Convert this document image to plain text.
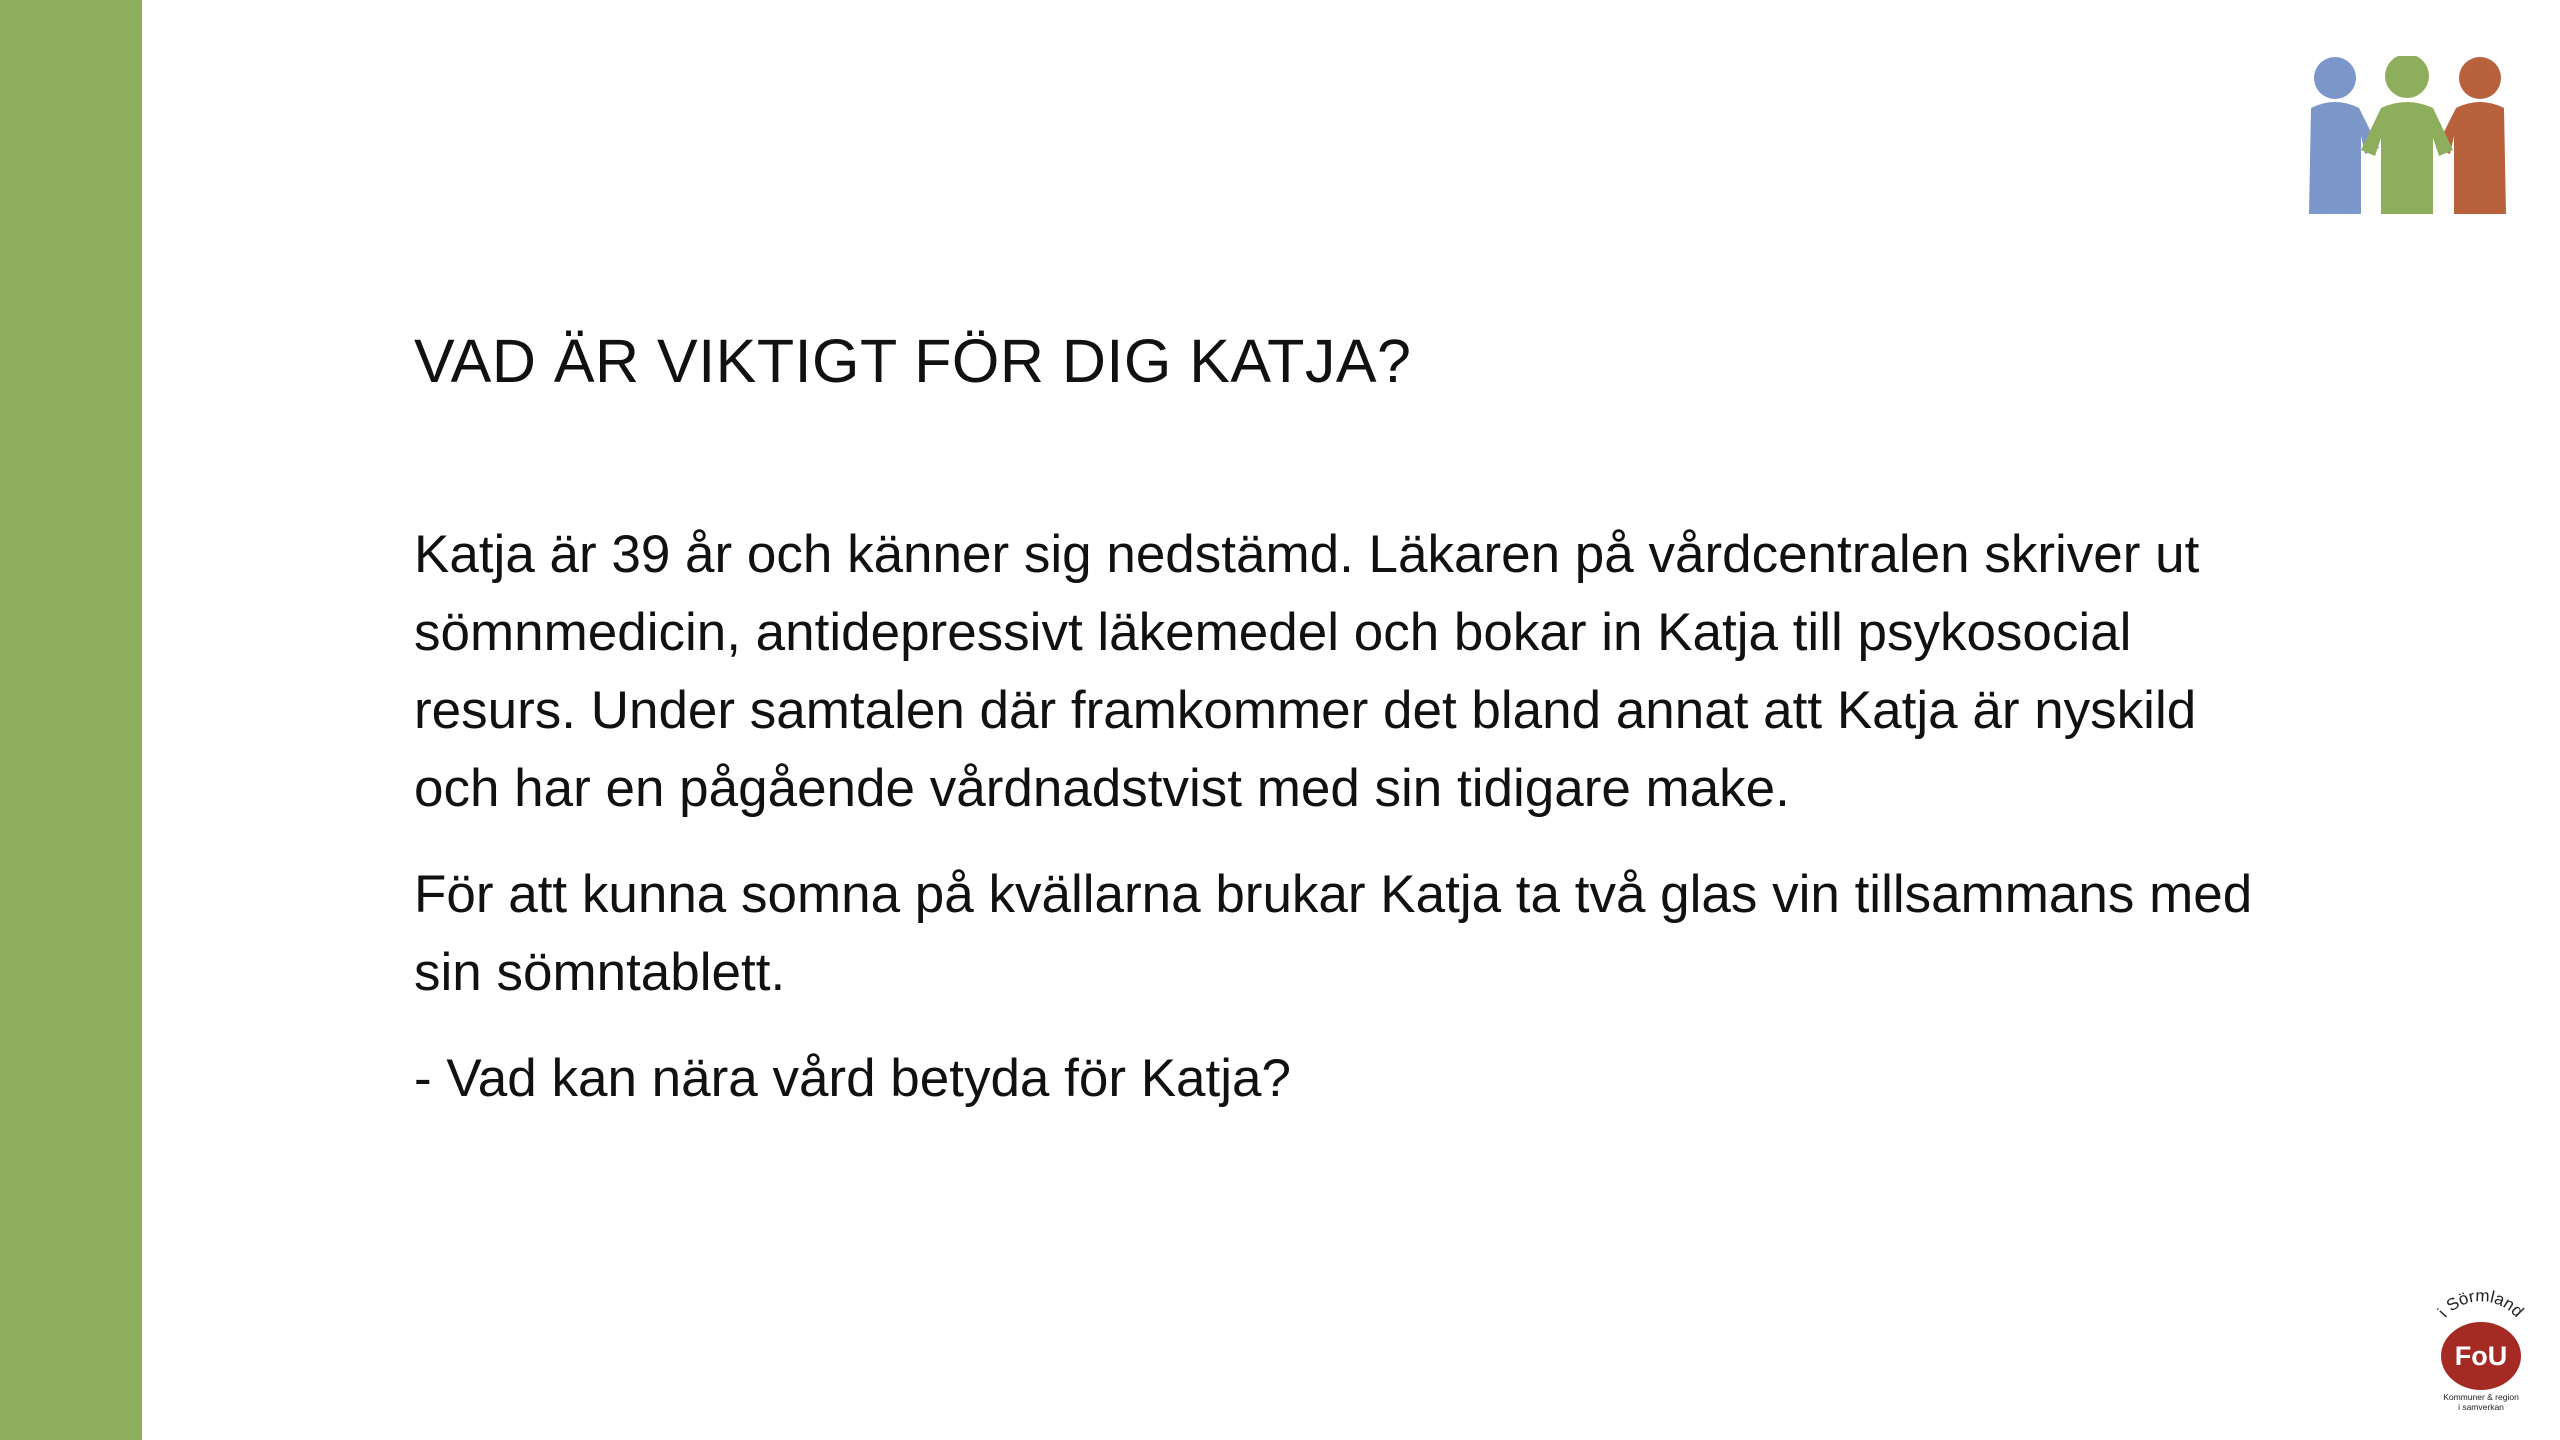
VAD ÄR VIKTIGT FÖR DIG KATJA?

Katja är 39 år och känner sig nedstämd. Läkaren på vårdcentralen skriver ut sömnmedicin, antidepressivt läkemedel och bokar in Katja till psykosocial resurs. Under samtalen där framkommer det bland annat att Katja är nyskild och har en pågående vårdnadstvist med sin tidigare make.

För att kunna somna på kvällarna brukar Katja ta två glas vin tillsammans med sin sömntablett.

- Vad kan nära vård betyda för Katja?

i Sörmland
FoU
Kommuner & region
i samverkan
